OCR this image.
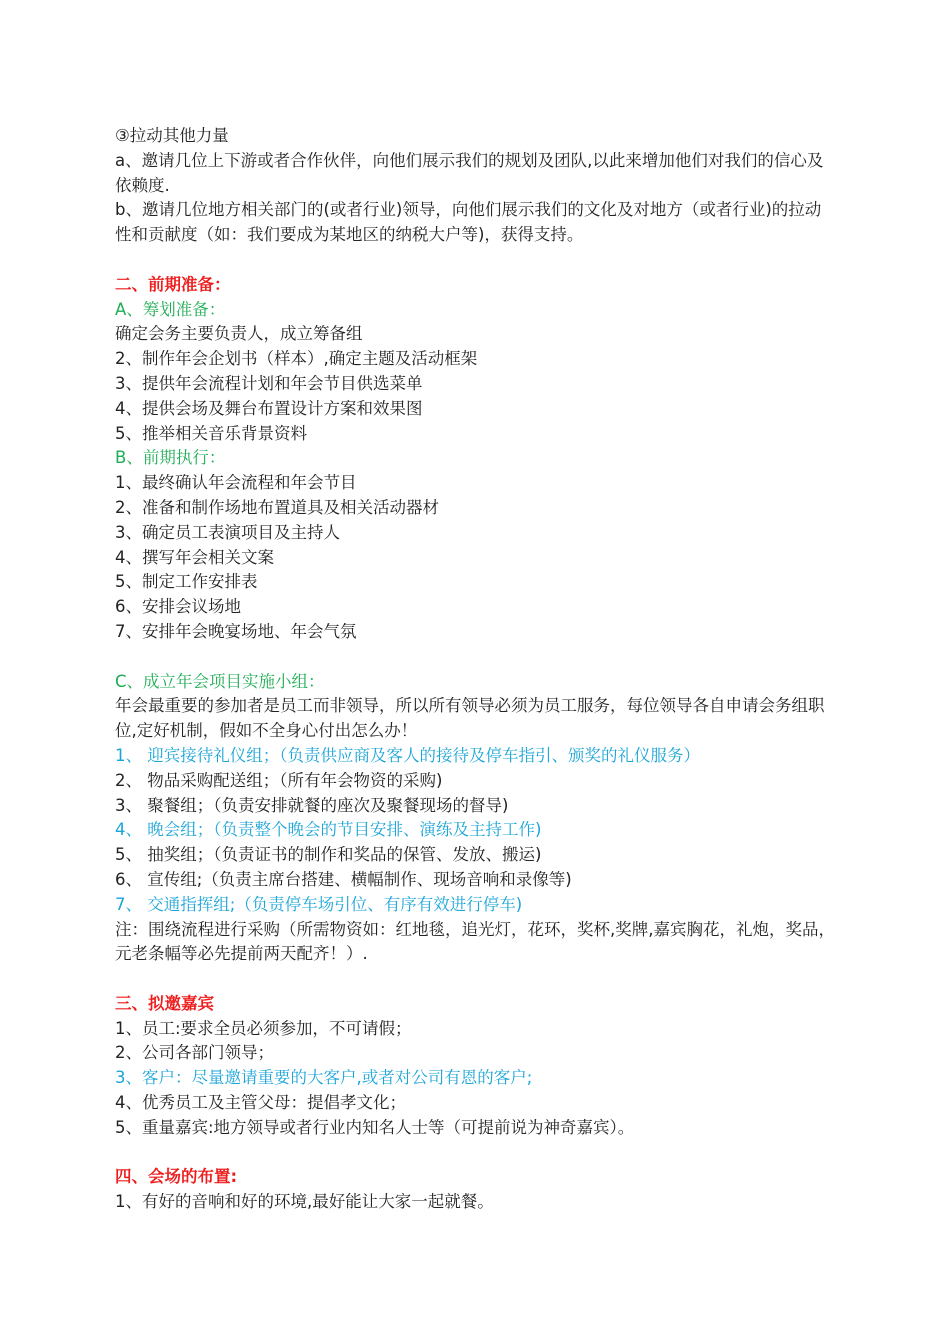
③拉动其他力量
a、邀请几位上下游或者合作伙伴，向他们展示我们的规划及团队,以此来增加他们对我们的信心及依赖度.
b、邀请几位地方相关部门的(或者行业)领导，向他们展示我们的文化及对地方（或者行业)的拉动性和贡献度（如：我们要成为某地区的纳税大户等)，获得支持。
二、前期准备：
A、筹划准备：
确定会务主要负责人，成立筹备组
2、制作年会企划书（样本）,确定主题及活动框架
3、提供年会流程计划和年会节目供选菜单
4、提供会场及舞台布置设计方案和效果图
5、推举相关音乐背景资料
B、前期执行：
1、最终确认年会流程和年会节目
2、准备和制作场地布置道具及相关活动器材
3、确定员工表演项目及主持人
4、撰写年会相关文案
5、制定工作安排表
6、安排会议场地
7、安排年会晚宴场地、年会气氛
C、成立年会项目实施小组：
年会最重要的参加者是员工而非领导，所以所有领导必须为员工服务，每位领导各自申请会务组职位,定好机制，假如不全身心付出怎么办！
1、 迎宾接待礼仪组；（负责供应商及客人的接待及停车指引、颁奖的礼仪服务）
2、 物品采购配送组；（所有年会物资的采购)
3、 聚餐组；（负责安排就餐的座次及聚餐现场的督导)
4、 晚会组；（负责整个晚会的节目安排、演练及主持工作)
5、 抽奖组；（负责证书的制作和奖品的保管、发放、搬运)
6、 宣传组;（负责主席台搭建、横幅制作、现场音响和录像等)
7、 交通指挥组;（负责停车场引位、有序有效进行停车)
注：围绕流程进行采购（所需物资如：红地毯，追光灯，花环，奖杯,奖牌,嘉宾胸花，礼炮，奖品，元老条幅等必先提前两天配齐！）.
三、拟邀嘉宾
1、员工:要求全员必须参加，不可请假；
2、公司各部门领导；
3、客户：尽量邀请重要的大客户,或者对公司有恩的客户;
4、优秀员工及主管父母：提倡孝文化；
5、重量嘉宾:地方领导或者行业内知名人士等（可提前说为神奇嘉宾）。
四、会场的布置:
1、有好的音响和好的环境,最好能让大家一起就餐。
